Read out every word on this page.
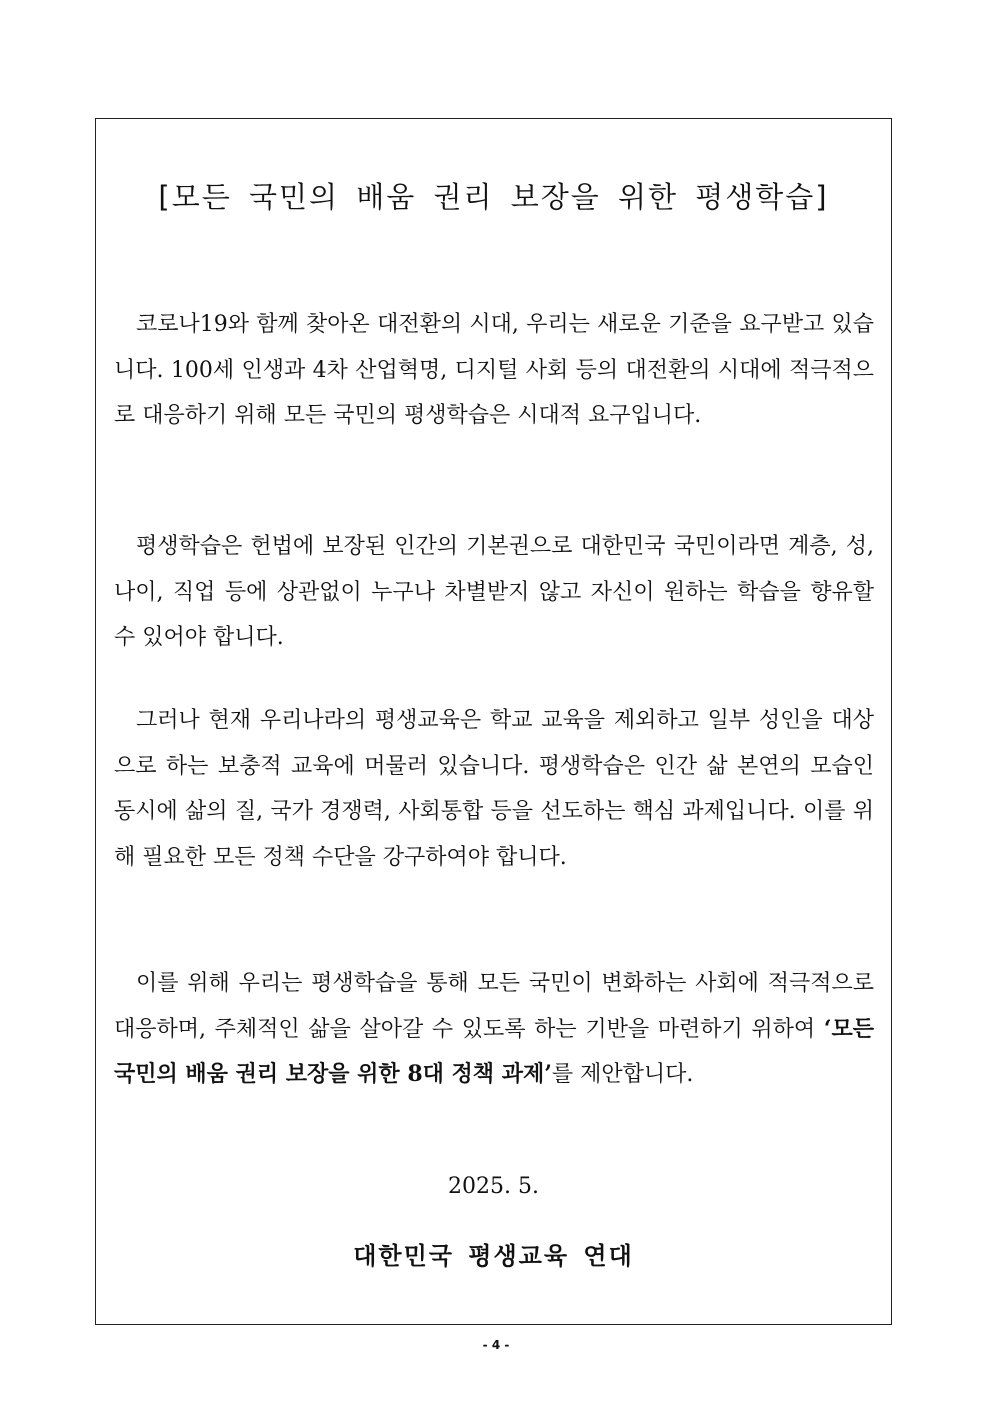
[모든 국민의 배움 권리 보장을 위한 평생학습]

코로나19와 함께 찾아온 대전환의 시대, 우리는 새로운 기준을 요구받고 있습니다. 100세 인생과 4차 산업혁명, 디지털 사회 등의 대전환의 시대에 적극적으로 대응하기 위해 모든 국민의 평생학습은 시대적 요구입니다.

평생학습은 헌법에 보장된 인간의 기본권으로 대한민국 국민이라면 계층, 성, 나이, 직업 등에 상관없이 누구나 차별받지 않고 자신이 원하는 학습을 향유할 수 있어야 합니다.

그러나 현재 우리나라의 평생교육은 학교 교육을 제외하고 일부 성인을 대상으로 하는 보충적 교육에 머물러 있습니다. 평생학습은 인간 삶 본연의 모습인 동시에 삶의 질, 국가 경쟁력, 사회통합 등을 선도하는 핵심 과제입니다. 이를 위해 필요한 모든 정책 수단을 강구하여야 합니다.

이를 위해 우리는 평생학습을 통해 모든 국민이 변화하는 사회에 적극적으로 대응하며, 주체적인 삶을 살아갈 수 있도록 하는 기반을 마련하기 위하여 ‘모든 국민의 배움 권리 보장을 위한 8대 정책 과제’를 제안합니다.

2025. 5.
대한민국 평생교육 연대
- 4 -
